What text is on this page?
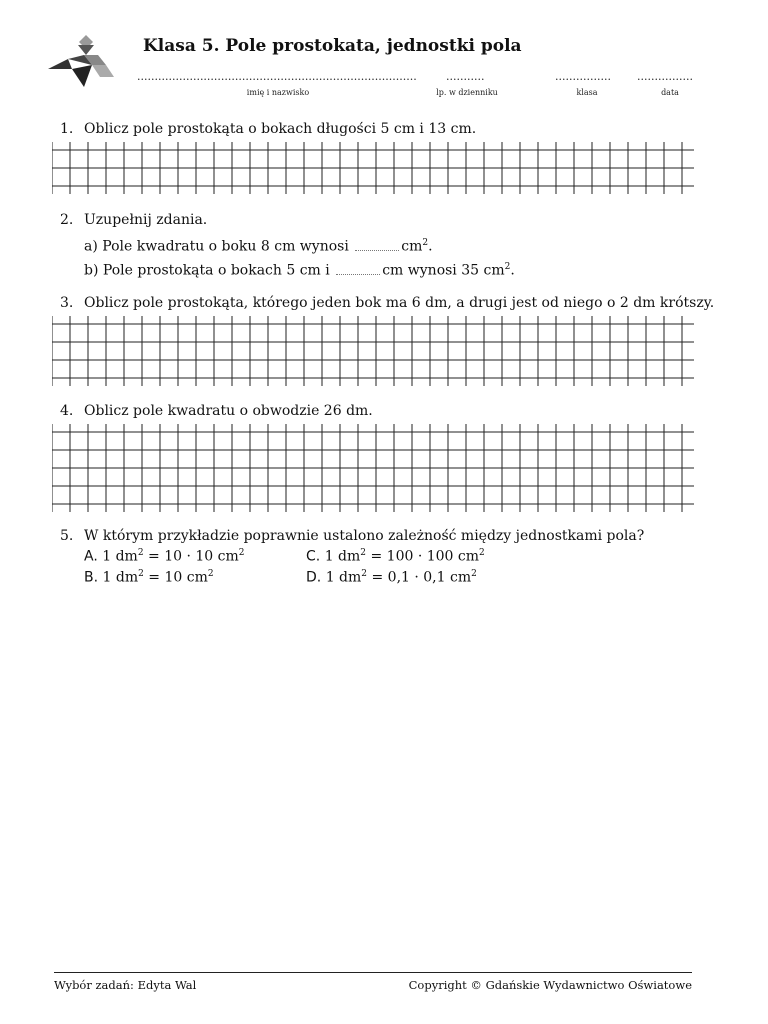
Klasa 5. Pole prostokata, jednostki pola
................................................................................
imię i nazwisko
...........
lp. w dzienniku
................
klasa
................
data
1. Oblicz pole prostokąta o bokach długości 5 cm i 13 cm.
2. Uzupełnij zdania.
a) Pole kwadratu o boku 8 cm wynosi	$cm^2$.
b) Pole prostokąta o bokach 5 cm i	cm wynosi 35 $cm^2$.
3. Oblicz pole prostokąta, którego jeden bok ma 6 dm, a drugi jest od niego o 2 dm krótszy.
4. Oblicz pole kwadratu o obwodzie 26 dm.
5. W którym przykładzie poprawnie ustalono zależność między jednostkami pola?
A. 1 $dm^2 = 10 \cdot 10$ $cm^2$
B. 1 $dm^2 = 10$ $cm^2$
C. 1 $dm^2 = 100 \cdot 100$ $cm^2$
D. 1 $dm^2 = 0,1 \cdot 0,1$ $cm^2$
Wybór zadań: Edyta Wal	Copyright © Gdańskie Wydawnictwo Oświatowe
